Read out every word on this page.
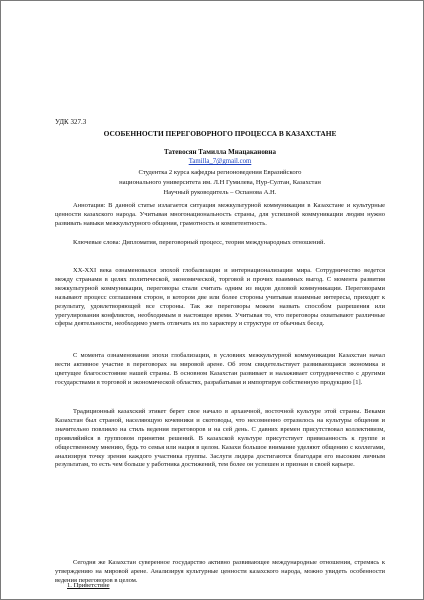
УДК 327.3
ОСОБЕННОСТИ ПЕРЕГОВОРНОГО ПРОЦЕССА В КАЗАХСТАНЕ
Татевосян Тамилла Мнацакановна
Tamilla_7@gmail.com
Студентка 2 курса кафедры регионоведения Евразийского
национального университета им. Л.Н Гумилева, Нур-Султан, Казахстан
Научный руководитель – Оспанова А.Н.

Аннотация: В данной статье излагается ситуация межкультурной коммуникации в Казахстане и культурные ценности казахского народа. Учитывая многонациональность страны, для успешной коммуникации людям нужно развивать навыки межкультурного общения, грамотность и компетентность.

Ключевые слова: Дипломатия, переговорный процесс, теория международных отношений.

XX-XXI века ознаменовался эпохой глобализации и интернационализации мира. Сотрудничество ведется между странами в целях политической, экономической, торговой и прочих взаимных выгод. С момента развития межкультурной коммуникации, переговоры стали считать одним из видов деловой коммуникации. Переговорами называют процесс соглашения сторон, в котором две или более стороны учитывая взаимные интересы, приходят к результату, удовлетворяющей все стороны. Так же переговоры можем назвать способом разрешения или урегулирования конфликтов, необходимым в настоящее время. Учитывая то, что переговоры охватывают различные сферы деятельности, необходимо уметь отличать их по характеру и структуре от обычных бесед.

С момента ознаменования эпохи глобализации, в условиях межкультурной коммуникации Казахстан начал вести активное участие в переговорах на мировой арене. Об этом свидетельствует развивающаяся экономика и цветущее благосостояние нашей страны. В основном Казахстан развивает и налаживает сотрудничество с другими государствами в торговой и экономической областях, разрабатывая и импортируя собственную продукцию [1].

Традиционный казахский этикет берет свое начало в архаичной, восточной культуре этой страны. Веками Казахстан был страной, населяющую кочевники и скотоводы, что несомненно отразилось на культуры общения и значительно повлияло на стиль ведения переговоров и на сей день. С давних времен присутствовал коллективизм, проявляйийся в групповом принятии решений. В казахской культуре присутствует привязанность к группе и общественному мнению, будь то семья или нация в целом. Казахи большое внимание уделяют общению с коллегами, анализируя точку зрения каждого участника группы. Заслуги лидера достигаются благодаря его высоким личным результатам, то есть чем больше у работника достижений, тем более он успешен и признан в своей карьере.

Сегодня же Казахстан суверенное государство активно развивающее международные отношения, стремясь к утверждению на мировой арене. Анализируя культурные ценности казахского народа, можно увидеть особенности ведения переговоров в целом.

1. Приветствие
